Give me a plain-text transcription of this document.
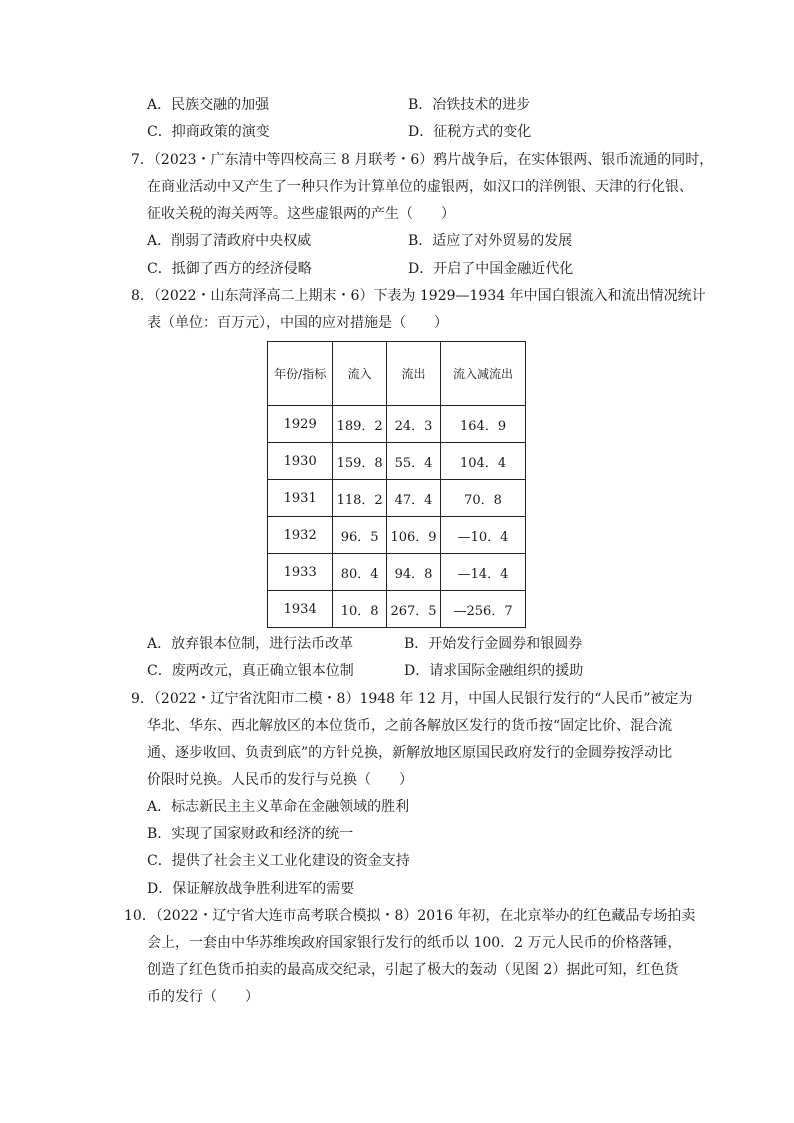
A．民族交融的加强	B．冶铁技术的进步
C．抑商政策的演变	D．征税方式的变化
7．（2023・广东清中等四校高三 8 月联考・6）鸦片战争后，在实体银两、银币流通的同时，
在商业活动中又产生了一种只作为计算单位的虚银两，如汉口的洋例银、天津的行化银、
征收关税的海关两等。这些虚银两的产生（　　）
A．削弱了清政府中央权威	B．适应了对外贸易的发展
C．抵御了西方的经济侵略	D．开启了中国金融近代化
8．（2022・山东菏泽高二上期末・6）下表为 1929—1934 年中国白银流入和流出情况统计
表（单位：百万元），中国的应对措施是（　　）
年份/指标	流入	流出	流入减流出
1929	189．2	24．3	164．9
1930	159．8	55．4	104．4
1931	118．2	47．4	70．8
1932	96．5	106．9	—10．4
1933	80．4	94．8	—14．4
1934	10．8	267．5	—256．7
A．放弃银本位制，进行法币改革	B．开始发行金圆券和银圆券
C．废两改元，真正确立银本位制	D．请求国际金融组织的援助
9．（2022・辽宁省沈阳市二模・8）1948 年 12 月，中国人民银行发行的“人民币”被定为
华北、华东、西北解放区的本位货币，之前各解放区发行的货币按“固定比价、混合流
通、逐步收回、负责到底”的方针兑换，新解放地区原国民政府发行的金圆券按浮动比
价限时兑换。人民币的发行与兑换（　　）
A．标志新民主主义革命在金融领域的胜利
B．实现了国家财政和经济的统一
C．提供了社会主义工业化建设的资金支持
D．保证解放战争胜利进军的需要
10．（2022・辽宁省大连市高考联合模拟・8）2016 年初，在北京举办的红色藏品专场拍卖
会上，一套由中华苏维埃政府国家银行发行的纸币以 100．2 万元人民币的价格落锤，
创造了红色货币拍卖的最高成交纪录，引起了极大的轰动（见图 2）据此可知，红色货
币的发行（　　）
